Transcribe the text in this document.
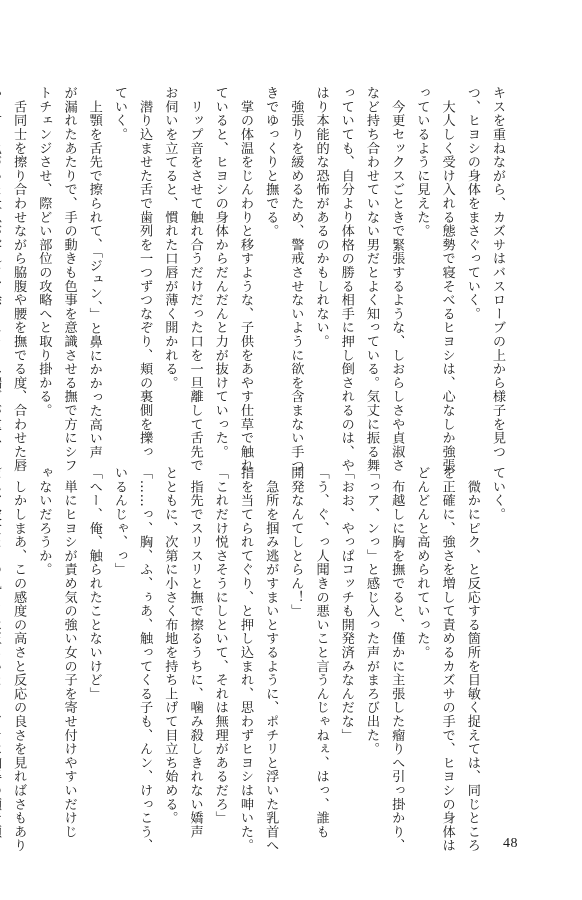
キスを重ねながら、カズサはバスローブの上から様子を見つ
つ、ヒヨシの身体をまさぐっていく。
　大人しく受け入れる態勢で寝そべるヒヨシは、心なしか強張
っているように見えた。
　今更セックスごときで緊張するような、しおらしさや貞淑さ
など持ち合わせていない男だとよく知っている。気丈に振る舞
っていても、自分より体格の勝る相手に押し倒されるのは、や
はり本能的な恐怖があるのかもしれない。
　強張りを緩めるため、警戒させないように欲を含まない手つ
きでゆっくりと撫でる。
　掌の体温をじんわりと移すような、子供をあやす仕草で触れ
ていると、ヒヨシの身体からだんだんと力が抜けていった。
　リップ音をさせて触れ合うだけだった口を一旦離して舌先で
お伺いを立てると、慣れた口唇が薄く開かれる。
　潜り込ませた舌で歯列を一つずつなぞり、頬の裏側を擽っ
ていく。
　上顎を舌先で擦られて、「ジュン、」と鼻にかかった高い声
が漏れたあたりで、手の動きも色事を意識させる撫で方にシフ
トチェンジさせ、際どい部位の攻略へと取り掛かる。
　舌同士を擦り合わせながら脇腹や腰を撫でる度、合わせた唇
ていく。
　微かにピク、と反応する箇所を目敏く捉えては、同じところ
を正確に、強さを増して責めるカズサの手で、ヒヨシの身体は
どんどんと高められていった。
　布越しに胸を撫でると、僅かに主張した瘤りへ引っ掛かり、
「っア、ンっ」と感じ入った声がまろび出た。
「おお、やっぱコッチも開発済みなんだな」
「う、ぐ、っ人聞きの悪いこと言うんじゃねぇ、はっ、誰も
開発なんてしとらん！」
　急所を掴み逃がすまいとするように、ポチリと浮いた乳首へ
指を当てられてぐり、と押し込まれ、思わずヒヨシは呻いた。
「これだけ悦さそうにしといて、それは無理があるだろ」
　指先でスリスリと撫で擦るうちに、噛み殺しきれない嬌声
とともに、次第に小さく布地を持ち上げて目立ち始める。
「……っ、胸、ふ、ぅあ、触ってくる子も、んン、けっこう、
いるんじゃ、っ」
「へー、俺、触られたことないけど」
　単にヒヨシが責め気の強い女の子を寄せ付けやすいだけじ
ゃないだろうか。
　しかしまあ、この感度の高さと反応の良さを見ればさもあり	48
